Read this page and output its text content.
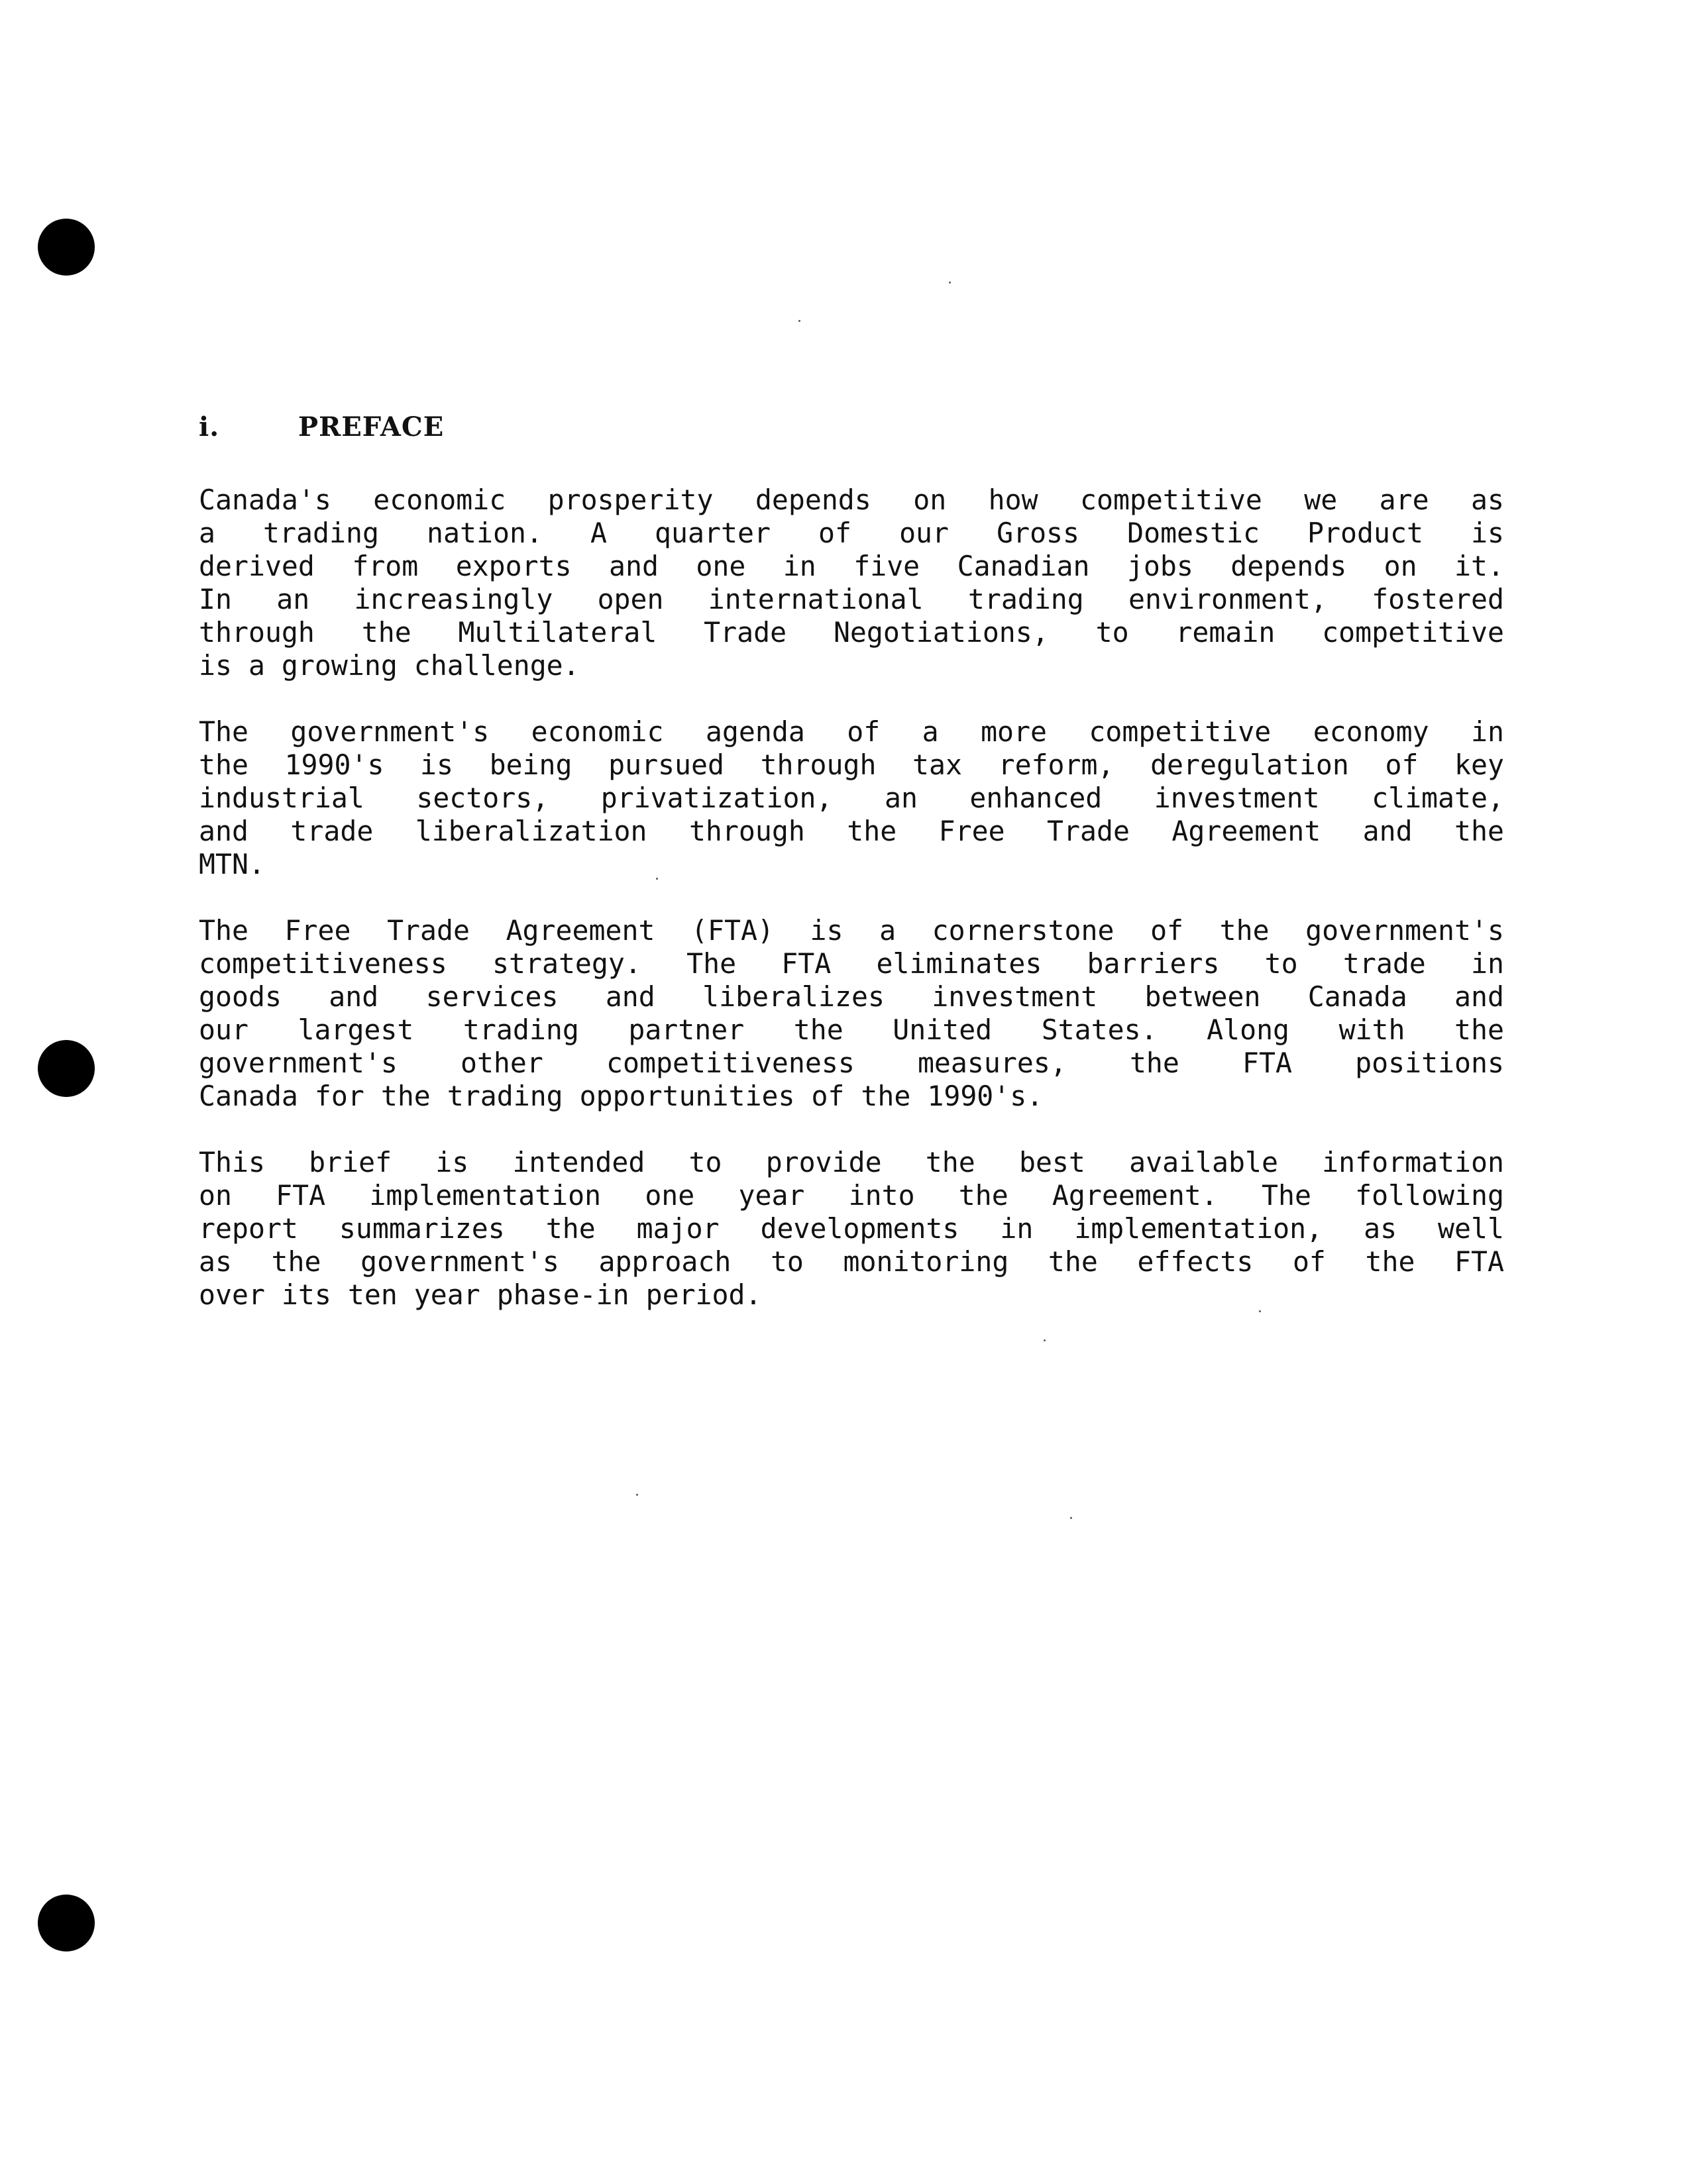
i.	PREFACE
Canada's economic prosperity depends on how competitive we are as
a trading nation. A quarter of our Gross Domestic Product is
derived from exports and one in five Canadian jobs depends on it.
In an increasingly open international trading environment, fostered
through the Multilateral Trade Negotiations, to remain competitive
is a growing challenge.
The government's economic agenda of a more competitive economy in
the 1990's is being pursued through tax reform, deregulation of key
industrial sectors, privatization, an enhanced investment climate,
and trade liberalization through the Free Trade Agreement and the
MTN.
The Free Trade Agreement (FTA) is a cornerstone of the government's
competitiveness strategy. The FTA eliminates barriers to trade in
goods and services and liberalizes investment between Canada and
our largest trading partner the United States. Along with the
government's other competitiveness measures, the FTA positions
Canada for the trading opportunities of the 1990's.
This brief is intended to provide the best available information
on FTA implementation one year into the Agreement. The following
report summarizes the major developments in implementation, as well
as the government's approach to monitoring the effects of the FTA
over its ten year phase-in period.
